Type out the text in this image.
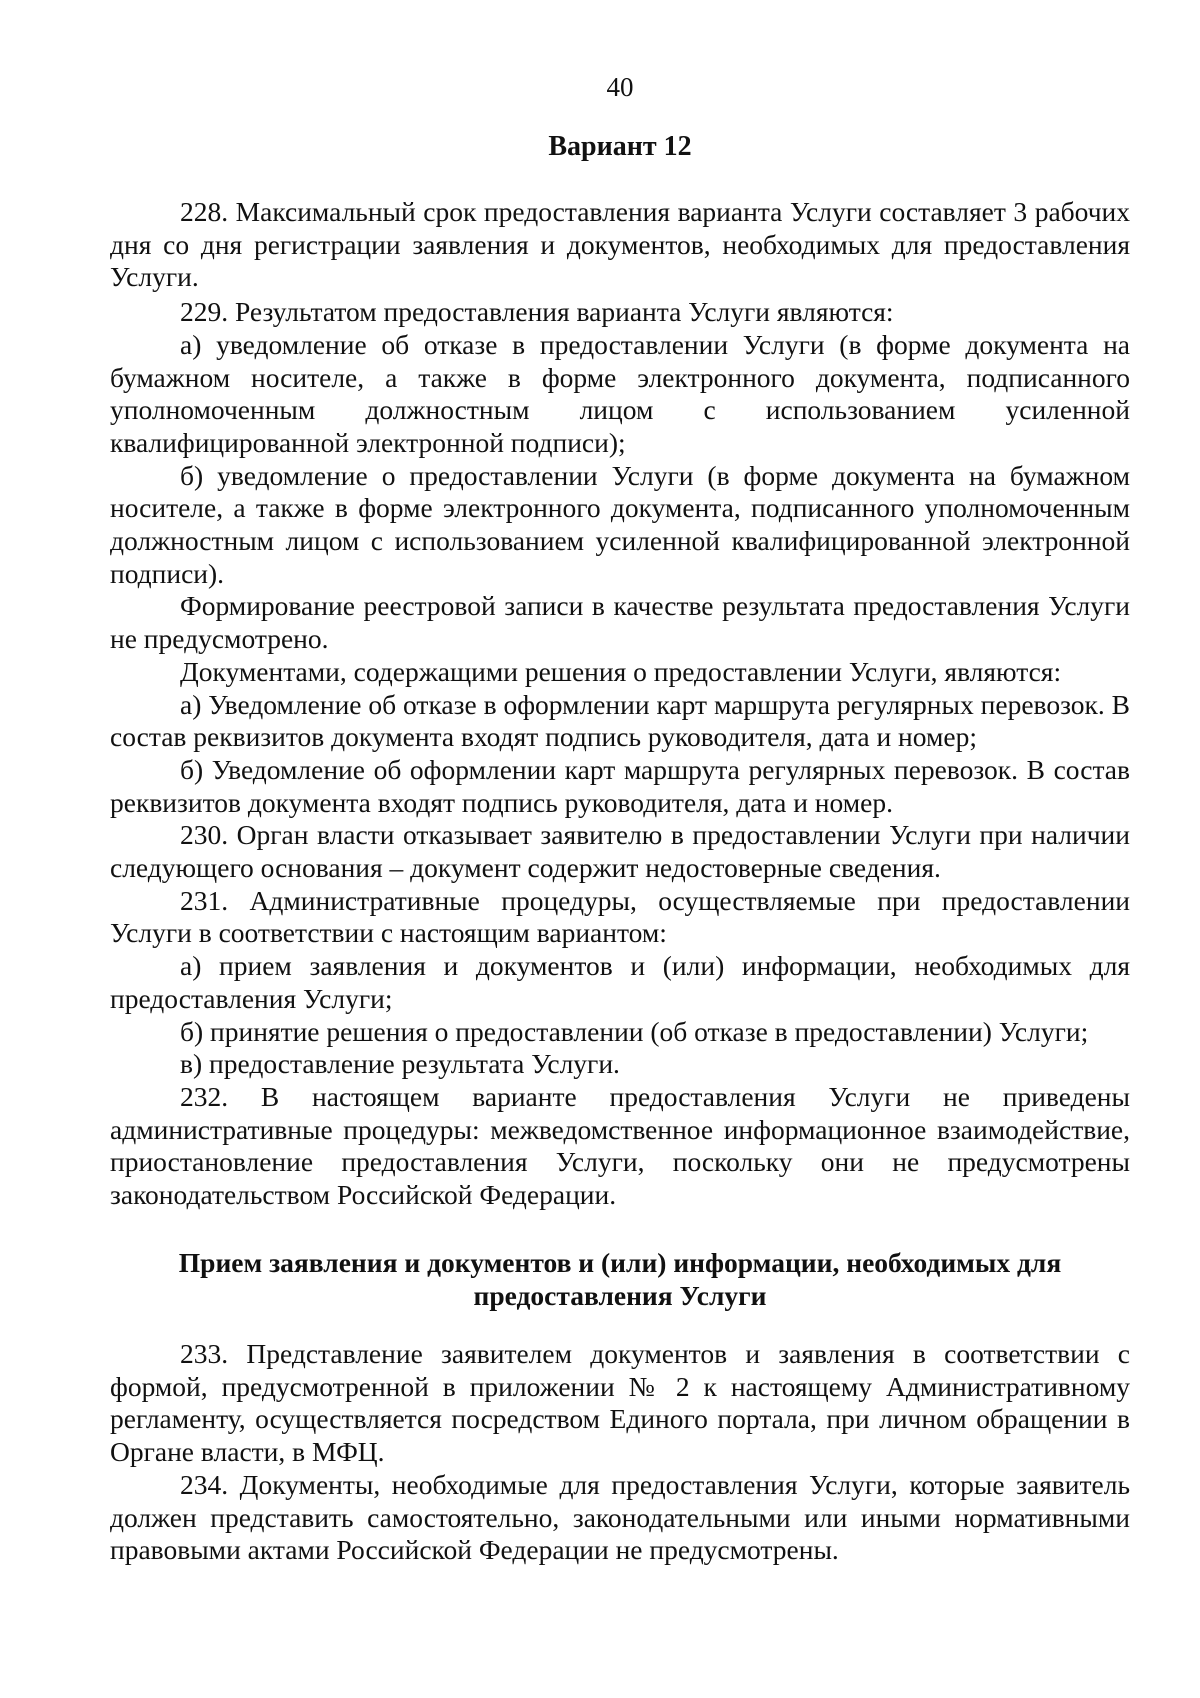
40
Вариант 12

228. Максимальный срок предоставления варианта Услуги составляет 3 рабочих дня со дня регистрации заявления и документов, необходимых для предоставления Услуги.

229. Результатом предоставления варианта Услуги являются:

а) уведомление об отказе в предоставлении Услуги (в форме документа на бумажном носителе, а также в форме электронного документа, подписанного уполномоченным должностным лицом с использованием усиленной квалифицированной электронной подписи);

б) уведомление о предоставлении Услуги (в форме документа на бумажном носителе, а также в форме электронного документа, подписанного уполномоченным должностным лицом с использованием усиленной квалифицированной электронной подписи).

Формирование реестровой записи в качестве результата предоставления Услуги не предусмотрено.

Документами, содержащими решения о предоставлении Услуги, являются:

а) Уведомление об отказе в оформлении карт маршрута регулярных перевозок. В состав реквизитов документа входят подпись руководителя, дата и номер;

б) Уведомление об оформлении карт маршрута регулярных перевозок. В состав реквизитов документа входят подпись руководителя, дата и номер.

230. Орган власти отказывает заявителю в предоставлении Услуги при наличии следующего основания – документ содержит недостоверные сведения.

231. Административные процедуры, осуществляемые при предоставлении Услуги в соответствии с настоящим вариантом:

а) прием заявления и документов и (или) информации, необходимых для предоставления Услуги;

б) принятие решения о предоставлении (об отказе в предоставлении) Услуги;

в) предоставление результата Услуги.

232. В настоящем варианте предоставления Услуги не приведены административные процедуры: межведомственное информационное взаимодействие, приостановление предоставления Услуги, поскольку они не предусмотрены законодательством Российской Федерации.

Прием заявления и документов и (или) информации, необходимых для
предоставления Услуги

233. Представление заявителем документов и заявления в соответствии с формой, предусмотренной в приложении № 2 к настоящему Административному регламенту, осуществляется посредством Единого портала, при личном обращении в Органе власти, в МФЦ.

234. Документы, необходимые для предоставления Услуги, которые заявитель должен представить самостоятельно, законодательными или иными нормативными правовыми актами Российской Федерации не предусмотрены.
